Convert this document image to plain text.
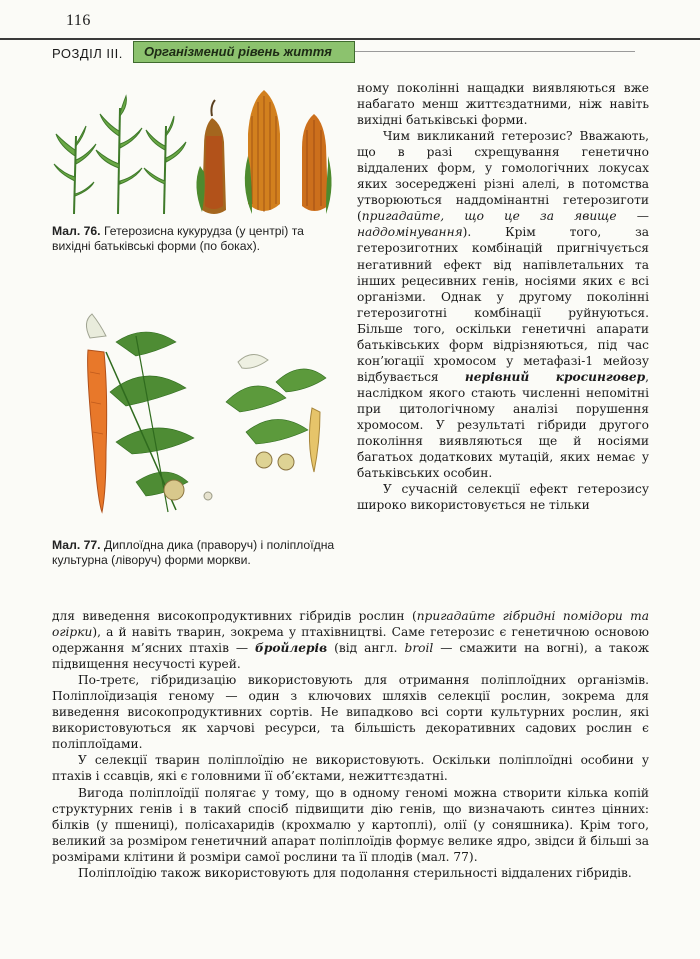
116
РОЗДІЛ III.	Організмений рівень життя
Мал. 76. Гетерозисна кукурудза (у центрі) та вихідні батьківські форми (по боках).
Мал. 77. Диплоїдна дика (праворуч) і поліплоїдна культурна (ліворуч) форми моркви.

ному поколінні нащадки виявляються вже набагато менш життєздатними, ніж навіть вихідні батьківські форми.

Чим викликаний гетерозис? Вважають, що в разі схрещування генетично віддалених форм, у гомологічних локусах яких зосереджені різні алелі, в потомства утворюються наддомінантні гетерозиготи (пригадайте, що це за явище — наддомінування). Крім того, за гетерозиготних комбінацій пригнічується негативний ефект від напівлетальних та інших рецесивних генів, носіями яких є всі організми. Однак у другому поколінні гетерозиготні комбінації руйнуються. Більше того, оскільки генетичні апарати батьківських форм відрізняються, під час кон’югації хромосом у метафазі-1 мейозу відбувається нерівний кросинговер, наслідком якого стають численні непомітні при цитологічному аналізі порушення хромосом. У результаті гібриди другого покоління виявляються ще й носіями багатьох додаткових мутацій, яких немає у батьківських особин.

У сучасній селекції ефект гетерозису широко використовується не тільки

для виведення високопродуктивних гібридів рослин (пригадайте гібридні помідори та огірки), а й навіть тварин, зокрема у птахівництві. Саме гетерозис є генетичною основою одержання м’ясних птахів — бройлерів (від англ. broil — смажити на вогні), а також підвищення несучості курей.

По-третє, гібридизацію використовують для отримання поліплоїдних організмів. Поліплоїдизація геному — один з ключових шляхів селекції рослин, зокрема для виведення високопродуктивних сортів. Не випадково всі сорти культурних рослин, які використовуються як харчові ресурси, та більшість декоративних садових рослин є поліплоїдами.

У селекції тварин поліплоїдію не використовують. Оскільки поліплоїдні особини у птахів і ссавців, які є головними її об’єктами, нежиттєздатні.

Вигода поліплоїдії полягає у тому, що в одному геномі можна створити кілька копій структурних генів і в такий спосіб підвищити дію генів, що визначають синтез цінних: білків (у пшениці), полісахаридів (крохмалю у картоплі), олії (у соняшника). Крім того, великий за розміром генетичний апарат поліплоїдів формує велике ядро, звідси й більші за розмірами клітини й розміри самої рослини та її плодів (мал. 77).

Поліплоїдію також використовують для подолання стерильності віддалених гібридів.
